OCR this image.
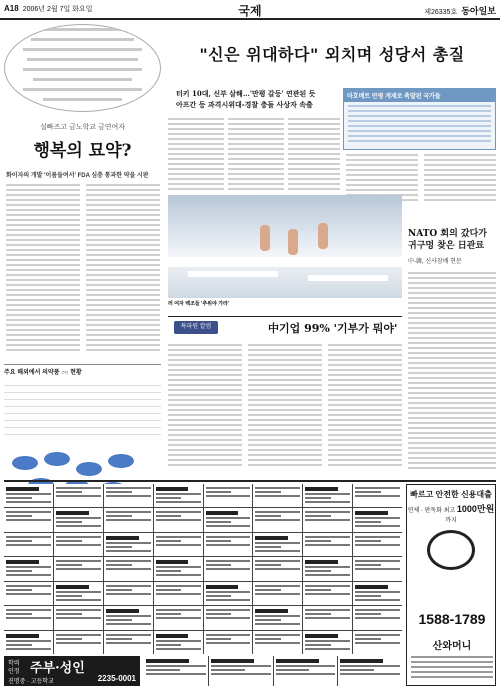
A18 2006년 2월 7일 화요일	국제	제26335호 동아일보
설빠즈고 금노학교 금연여자
행복의 묘약?
화이자의 개발 '이름들여서' FDA 심층 통과한 약을 시판
주요 해외에서 의약품 ○○ 현황

"신은 위대하다" 외치며 성당서 총질
터키 10대, 신부 살해…'만평 갈등' 연관된 듯
아프간 등 과격시위대-경찰 충돌 사상자 속출
마호메트 만평 게재로 촉발된 국가들
러 여자 백조들 '추위야 가라'
NATO 회의 갔다가 귀구멍 찾은 日관료
中-韓, 신사참배 현문
특파원 칼럼	中기업 99% '기부가 뭐야'
빠르고 안전한 신용대출
연체 · 판독화 최고 1000만원 까지
1588-1789
산와머니
학력 인정 주부·성인
진명중 · 고등학교	2235-0001
